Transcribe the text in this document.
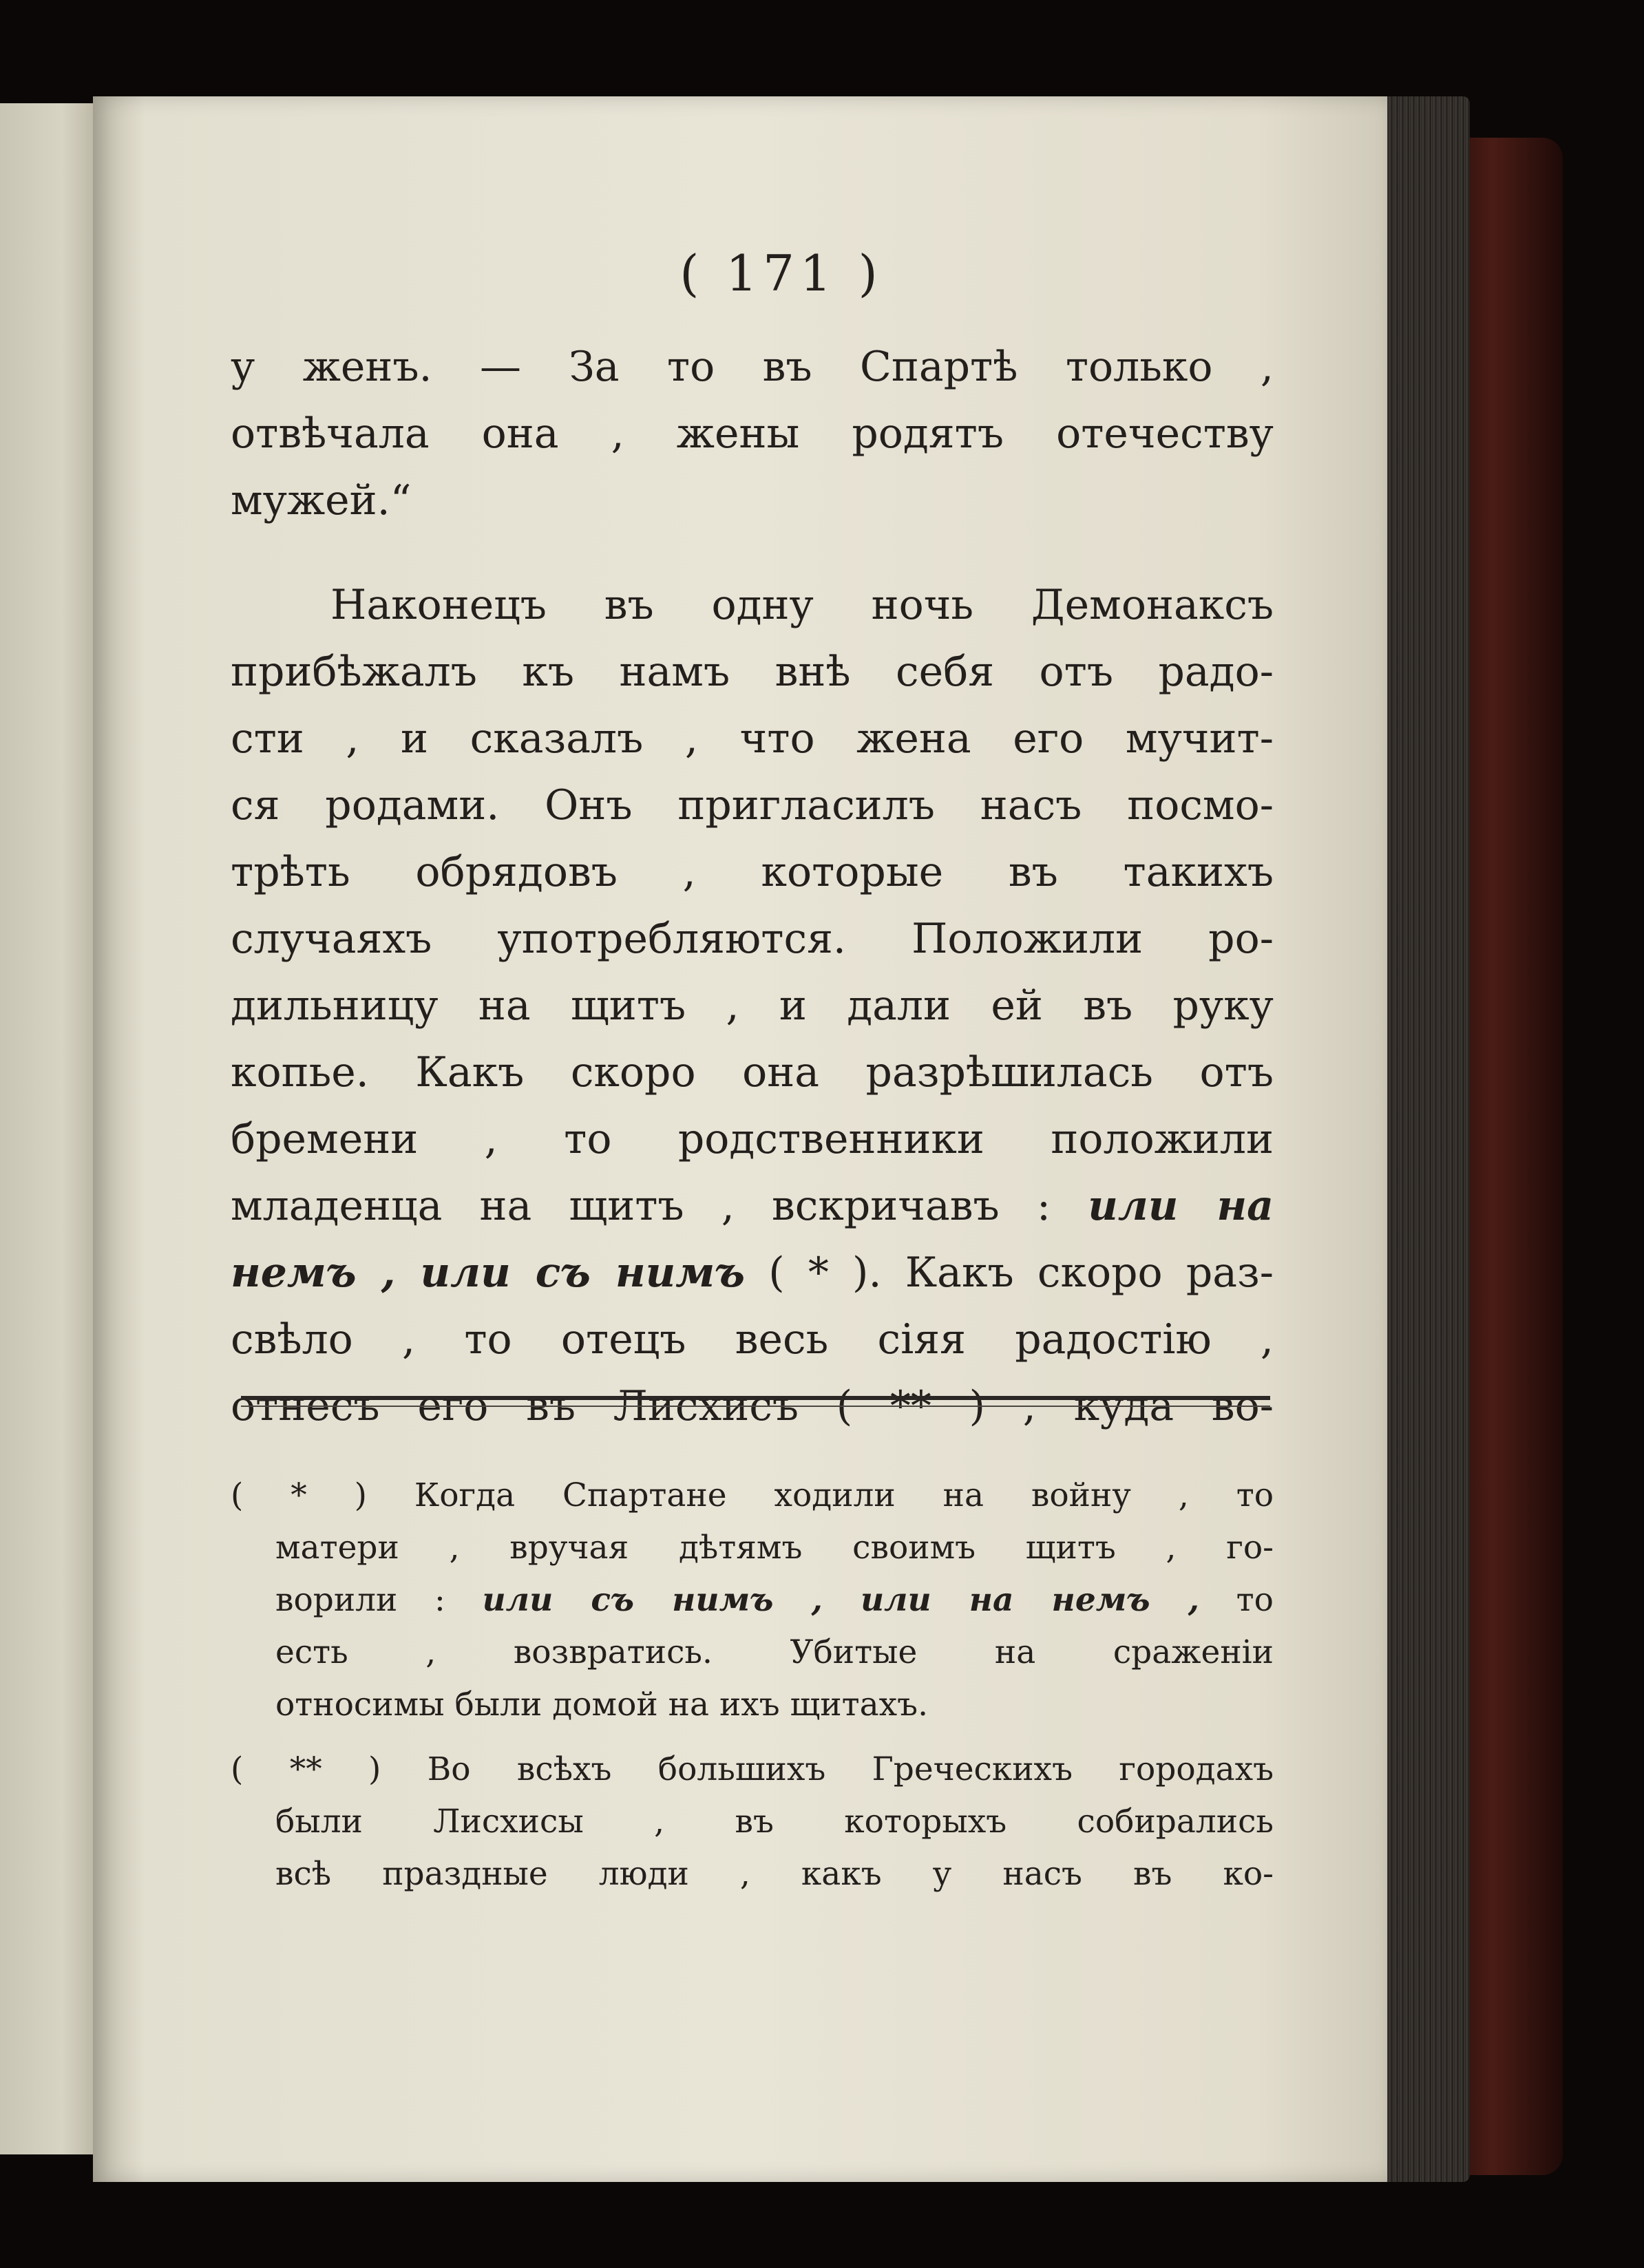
( 171 )
у женъ. — За то въ Спартѣ только ,
отвѣчала она , жены родятъ отечеству
мужей.“
Наконецъ въ одну ночь Демонаксъ
прибѣжалъ къ намъ внѣ себя отъ радо-
сти , и сказалъ , что жена его мучит-
ся родами. Онъ пригласилъ насъ посмо-
трѣть обрядовъ , которые въ такихъ
случаяхъ употребляются. Положили ро-
дильницу на щитъ , и дали ей въ руку
копье. Какъ скоро она разрѣшилась отъ
бремени , то родственники положили
младенца на щитъ , вскричавъ : или на
немъ , или съ нимъ ( * ). Какъ скоро раз-
свѣло , то отецъ весь сiяя радостiю ,
отнесъ его въ Лисхисъ ( ** ) , куда во-
( * ) Когда Спартане ходили на войну , то
матери , вручая дѣтямъ своимъ щитъ , го-
ворили : или съ нимъ , или на немъ , то
есть , возвратись. Убитые на сраженiи
относимы были домой на ихъ щитахъ.
( ** ) Во всѣхъ большихъ Греческихъ городахъ
были Лисхисы , въ которыхъ собирались
всѣ праздные люди , какъ у насъ въ ко-
